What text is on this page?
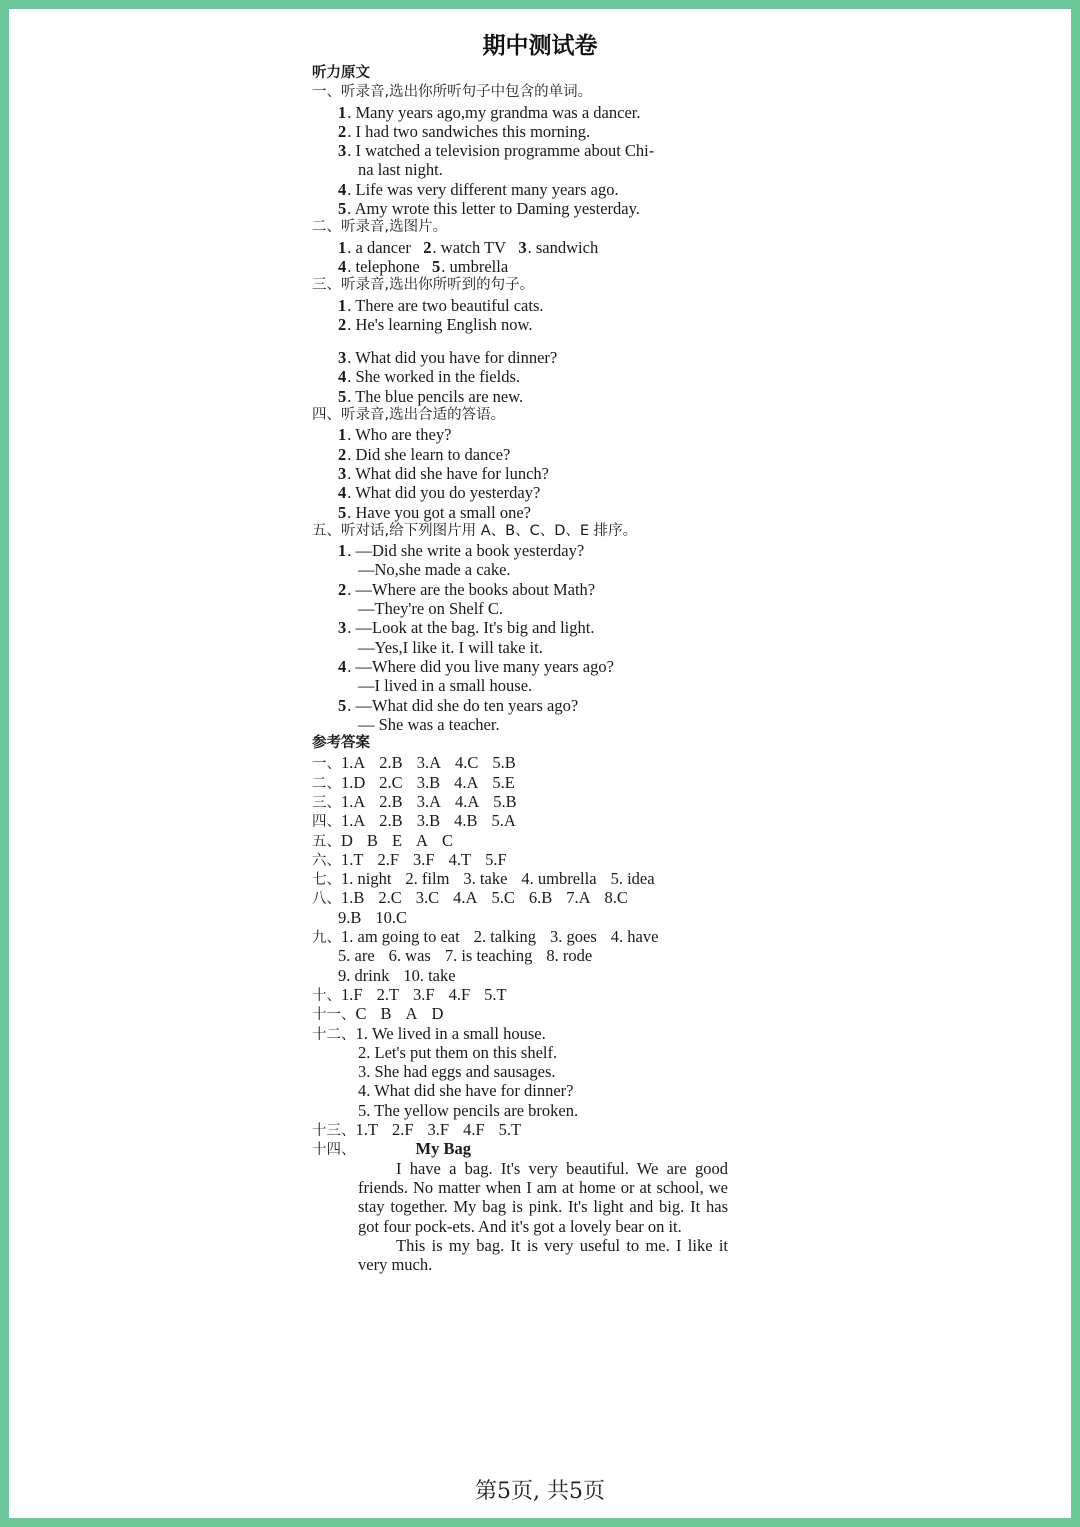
期中测试卷
听力原文
一、听录音,选出你所听句子中包含的单词。
1. Many years ago,my grandma was a dancer.
2. I had two sandwiches this morning.
3. I watched a television programme about Chi-
na last night.
4. Life was very different many years ago.
5. Amy wrote this letter to Daming yesterday.
二、听录音,选图片。
1. a dancer 2. watch TV 3. sandwich
4. telephone 5. umbrella
三、听录音,选出你所听到的句子。
1. There are two beautiful cats.
2. He's learning English now.
3. What did you have for dinner?
4. She worked in the fields.
5. The blue pencils are new.
四、听录音,选出合适的答语。
1. Who are they?
2. Did she learn to dance?
3. What did she have for lunch?
4. What did you do yesterday?
5. Have you got a small one?
五、听对话,给下列图片用 A、B、C、D、E 排序。
1. —Did she write a book yesterday?
—No,she made a cake.
2. —Where are the books about Math?
—They're on Shelf C.
3. —Look at the bag. It's big and light.
—Yes,I like it. I will take it.
4. —Where did you live many years ago?
—I lived in a small house.
5. —What did she do ten years ago?
— She was a teacher.
参考答案
一、1.A 2.B 3.A 4.C 5.B
二、1.D 2.C 3.B 4.A 5.E
三、1.A 2.B 3.A 4.A 5.B
四、1.A 2.B 3.B 4.B 5.A
五、D B E A C
六、1.T 2.F 3.F 4.T 5.F
七、1. night 2. film 3. take 4. umbrella 5. idea
八、1.B 2.C 3.C 4.A 5.C 6.B 7.A 8.C
9.B 10.C
九、1. am going to eat 2. talking 3. goes 4. have
5. are 6. was 7. is teaching 8. rode
9. drink 10. take
十、1.F 2.T 3.F 4.F 5.T
十一、C B A D
十二、1. We lived in a small house.
2. Let's put them on this shelf.
3. She had eggs and sausages.
4. What did she have for dinner?
5. The yellow pencils are broken.
十三、1.T 2.F 3.F 4.F 5.T
十四、	My Bag

I have a bag. It's very beautiful. We are good friends. No matter when I am at home or at school, we stay together. My bag is pink. It's light and big. It has got four pock-ets. And it's got a lovely bear on it.

This is my bag. It is very useful to me. I like it very much.

第5页, 共5页
